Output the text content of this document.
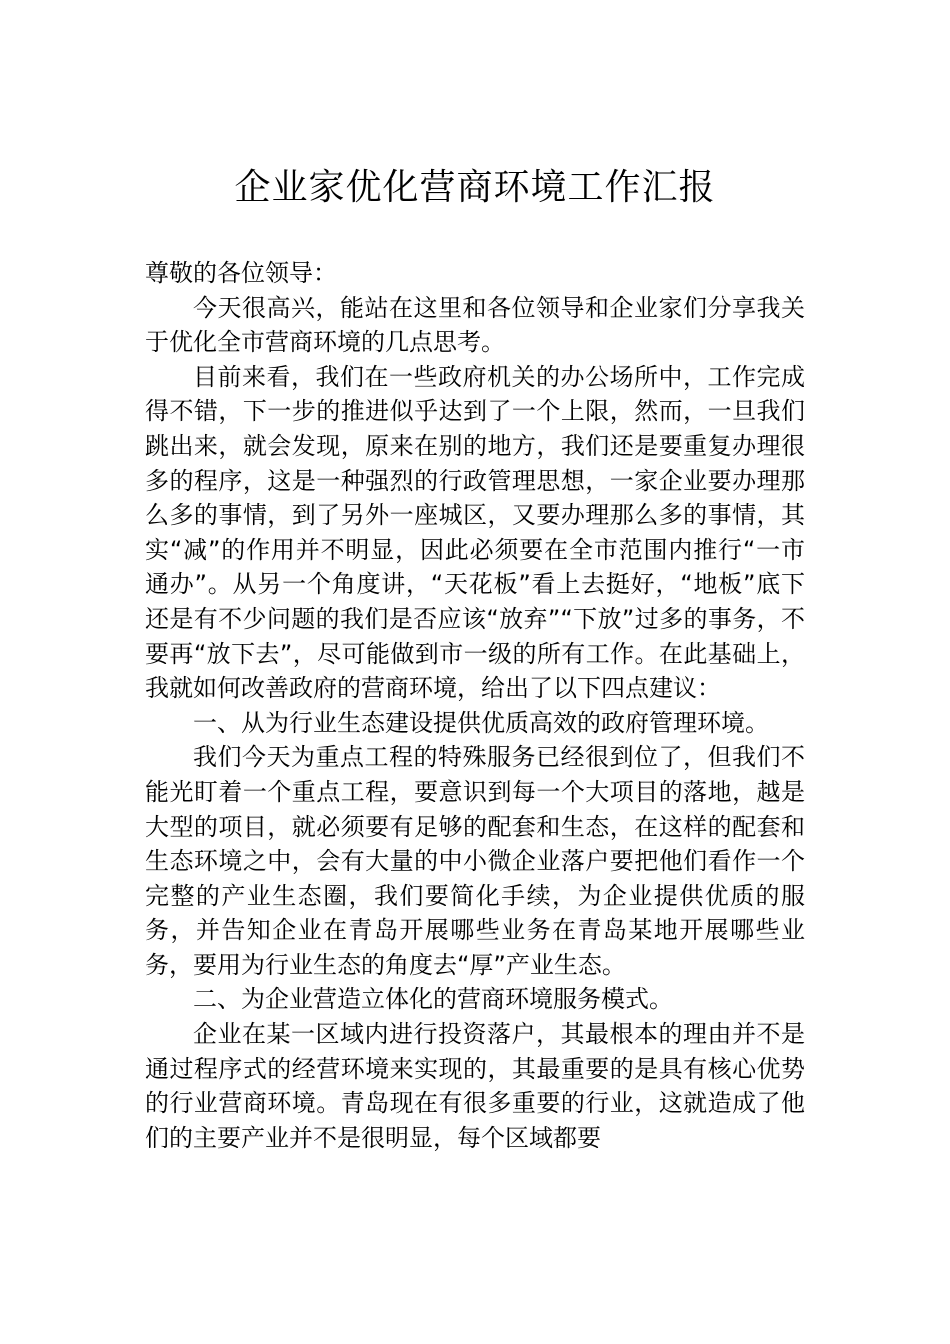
企业家优化营商环境工作汇报

尊敬的各位领导：

今天很高兴，能站在这里和各位领导和企业家们分享我关于优化全市营商环境的几点思考。

目前来看，我们在一些政府机关的办公场所中，工作完成得不错，下一步的推进似乎达到了一个上限，然而，一旦我们跳出来，就会发现，原来在别的地方，我们还是要重复办理很多的程序，这是一种强烈的行政管理思想，一家企业要办理那么多的事情，到了另外一座城区，又要办理那么多的事情，其实“减”的作用并不明显，因此必须要在全市范围内推行“一市通办”。从另一个角度讲，“天花板”看上去挺好，“地板”底下还是有不少问题的我们是否应该“放弃”“下放”过多的事务，不要再“放下去”，尽可能做到市一级的所有工作。在此基础上，我就如何改善政府的营商环境，给出了以下四点建议：

一、从为行业生态建设提供优质高效的政府管理环境。

我们今天为重点工程的特殊服务已经很到位了，但我们不能光盯着一个重点工程，要意识到每一个大项目的落地，越是大型的项目，就必须要有足够的配套和生态，在这样的配套和生态环境之中，会有大量的中小微企业落户要把他们看作一个完整的产业生态圈，我们要简化手续，为企业提供优质的服务，并告知企业在青岛开展哪些业务在青岛某地开展哪些业务，要用为行业生态的角度去“厚”产业生态。

二、为企业营造立体化的营商环境服务模式。

企业在某一区域内进行投资落户，其最根本的理由并不是通过程序式的经营环境来实现的，其最重要的是具有核心优势的行业营商环境。青岛现在有很多重要的行业，这就造成了他们的主要产业并不是很明显，每个区域都要
